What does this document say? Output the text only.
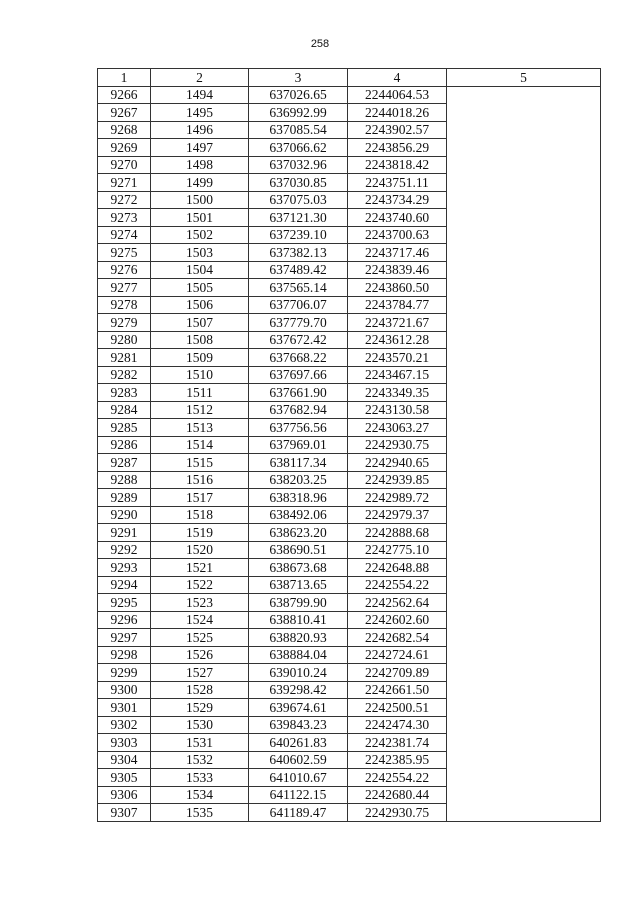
258
1	2	3	4	5
9266	1494	637026.65	2244064.53	
9267	1495	636992.99	2244018.26	
9268	1496	637085.54	2243902.57	
9269	1497	637066.62	2243856.29	
9270	1498	637032.96	2243818.42	
9271	1499	637030.85	2243751.11	
9272	1500	637075.03	2243734.29	
9273	1501	637121.30	2243740.60	
9274	1502	637239.10	2243700.63	
9275	1503	637382.13	2243717.46	
9276	1504	637489.42	2243839.46	
9277	1505	637565.14	2243860.50	
9278	1506	637706.07	2243784.77	
9279	1507	637779.70	2243721.67	
9280	1508	637672.42	2243612.28	
9281	1509	637668.22	2243570.21	
9282	1510	637697.66	2243467.15	
9283	1511	637661.90	2243349.35	
9284	1512	637682.94	2243130.58	
9285	1513	637756.56	2243063.27	
9286	1514	637969.01	2242930.75	
9287	1515	638117.34	2242940.65	
9288	1516	638203.25	2242939.85	
9289	1517	638318.96	2242989.72	
9290	1518	638492.06	2242979.37	
9291	1519	638623.20	2242888.68	
9292	1520	638690.51	2242775.10	
9293	1521	638673.68	2242648.88	
9294	1522	638713.65	2242554.22	
9295	1523	638799.90	2242562.64	
9296	1524	638810.41	2242602.60	
9297	1525	638820.93	2242682.54	
9298	1526	638884.04	2242724.61	
9299	1527	639010.24	2242709.89	
9300	1528	639298.42	2242661.50	
9301	1529	639674.61	2242500.51	
9302	1530	639843.23	2242474.30	
9303	1531	640261.83	2242381.74	
9304	1532	640602.59	2242385.95	
9305	1533	641010.67	2242554.22	
9306	1534	641122.15	2242680.44	
9307	1535	641189.47	2242930.75	
